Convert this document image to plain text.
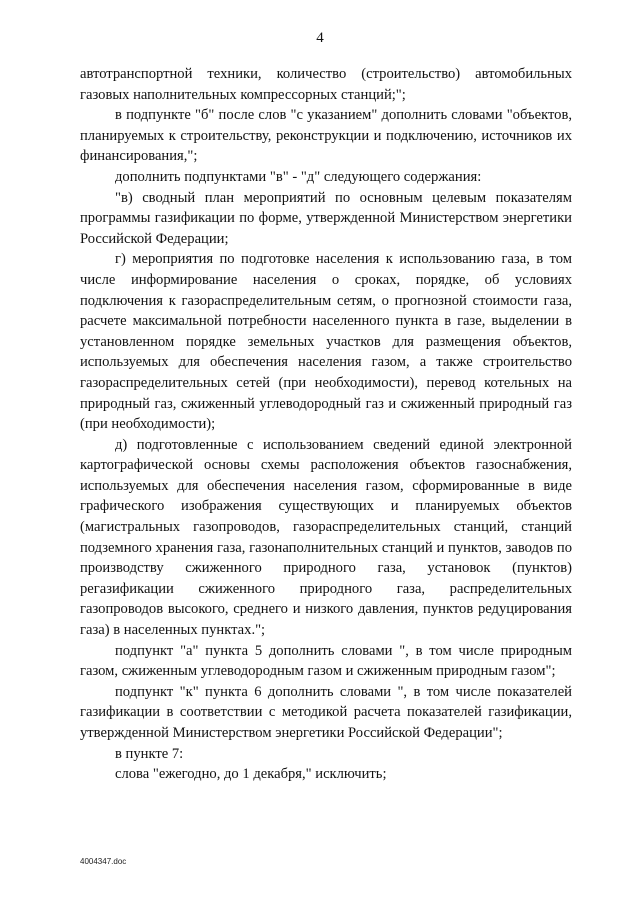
4

автотранспортной техники, количество (строительство) автомобильных газовых наполнительных компрессорных станций;";

в подпункте "б" после слов "с указанием" дополнить словами "объектов, планируемых к строительству, реконструкции и подключению, источников их финансирования,";

дополнить подпунктами "в" - "д" следующего содержания:

"в) сводный план мероприятий по основным целевым показателям программы газификации по форме, утвержденной Министерством энергетики Российской Федерации;

г) мероприятия по подготовке населения к использованию газа, в том числе информирование населения о сроках, порядке, об условиях подключения к газораспределительным сетям, о прогнозной стоимости газа, расчете максимальной потребности населенного пункта в газе, выделении в установленном порядке земельных участков для размещения объектов, используемых для обеспечения населения газом, а также строительство газораспределительных сетей (при необходимости), перевод котельных на природный газ, сжиженный углеводородный газ и сжиженный природный газ (при необходимости);

д) подготовленные с использованием сведений единой электронной картографической основы схемы расположения объектов газоснабжения, используемых для обеспечения населения газом, сформированные в виде графического изображения существующих и планируемых объектов (магистральных газопроводов, газораспределительных станций, станций подземного хранения газа, газонаполнительных станций и пунктов, заводов по производству сжиженного природного газа, установок (пунктов) регазификации сжиженного природного газа, распределительных газопроводов высокого, среднего и низкого давления, пунктов редуцирования газа) в населенных пунктах.";

подпункт "а" пункта 5 дополнить словами ", в том числе природным газом, сжиженным углеводородным газом и сжиженным природным газом";

подпункт "к" пункта 6 дополнить словами ", в том числе показателей газификации в соответствии с методикой расчета показателей газификации, утвержденной Министерством энергетики Российской Федерации";

в пункте 7:

слова "ежегодно, до 1 декабря," исключить;

4004347.doc
